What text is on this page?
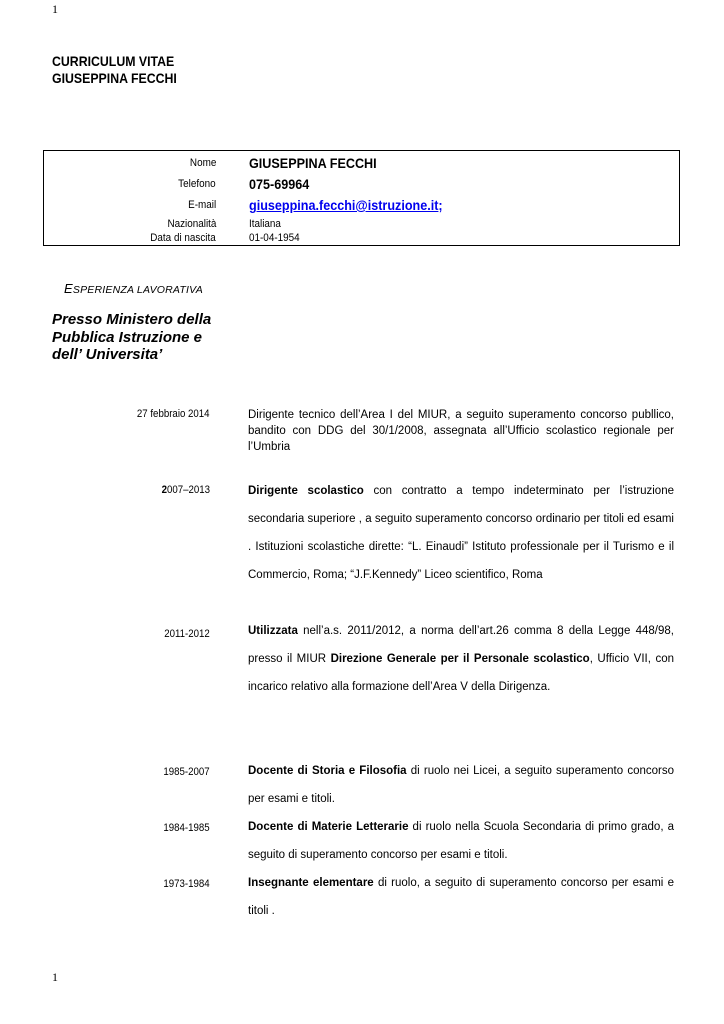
1
CURRICULUM VITAE
GIUSEPPINA FECCHI
Nome GIUSEPPINA FECCHI
Telefono 075-69964
E-mail giuseppina.fecchi@istruzione.it;
Nazionalità	Italiana
Data di nascita	01-04-1954
ESPERIENZA LAVORATIVA
Presso Ministero della Pubblica Istruzione e dell’ Universita’
27 febbraio 2014	Dirigente tecnico dell’Area I del MIUR, a seguito superamento concorso publlico, bandito con DDG del 30/1/2008, assegnata all’Ufficio scolastico regionale per l’Umbria
2007–2013	Dirigente scolastico con contratto a tempo indeterminato per l’istruzione secondaria superiore , a seguito superamento concorso ordinario per titoli ed esami . Istituzioni scolastiche dirette: “L. Einaudi” Istituto professionale per il Turismo e il Commercio, Roma; “J.F.Kennedy” Liceo scientifico, Roma
2011-2012	Utilizzata nell’a.s. 2011/2012, a norma dell’art.26 comma 8 della Legge 448/98, presso il MIUR Direzione Generale per il Personale scolastico, Ufficio VII, con incarico relativo alla formazione dell’Area V della Dirigenza.
1985-2007	Docente di Storia e Filosofia di ruolo nei Licei, a seguito superamento concorso per esami e titoli.
1984-1985	Docente di Materie Letterarie di ruolo nella Scuola Secondaria di primo grado, a seguito di superamento concorso per esami e titoli.
1973-1984	Insegnante elementare di ruolo, a seguito di superamento concorso per esami e titoli .
1
